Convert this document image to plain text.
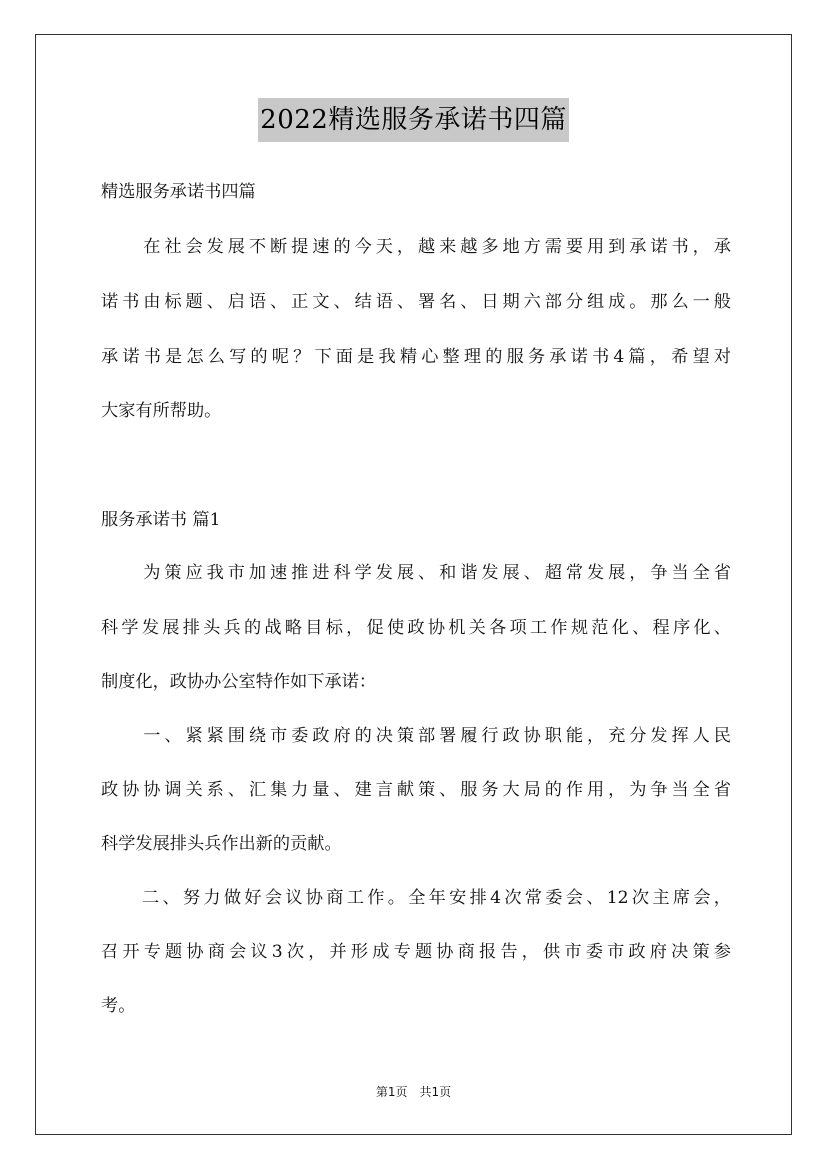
2022精选服务承诺书四篇
精选服务承诺书四篇
　　在社会发展不断提速的今天，越来越多地方需要用到承诺书，承
诺书由标题、启语、正文、结语、署名、日期六部分组成。那么一般
承诺书是怎么写的呢？下面是我精心整理的服务承诺书4篇，希望对
大家有所帮助。
服务承诺书 篇1
　　为策应我市加速推进科学发展、和谐发展、超常发展，争当全省
科学发展排头兵的战略目标，促使政协机关各项工作规范化、程序化、
制度化，政协办公室特作如下承诺：
　　一、紧紧围绕市委政府的决策部署履行政协职能，充分发挥人民
政协协调关系、汇集力量、建言献策、服务大局的作用，为争当全省
科学发展排头兵作出新的贡献。
　　二、努力做好会议协商工作。全年安排4次常委会、12次主席会，
召开专题协商会议3次，并形成专题协商报告，供市委市政府决策参
考。
第1页　共1页
